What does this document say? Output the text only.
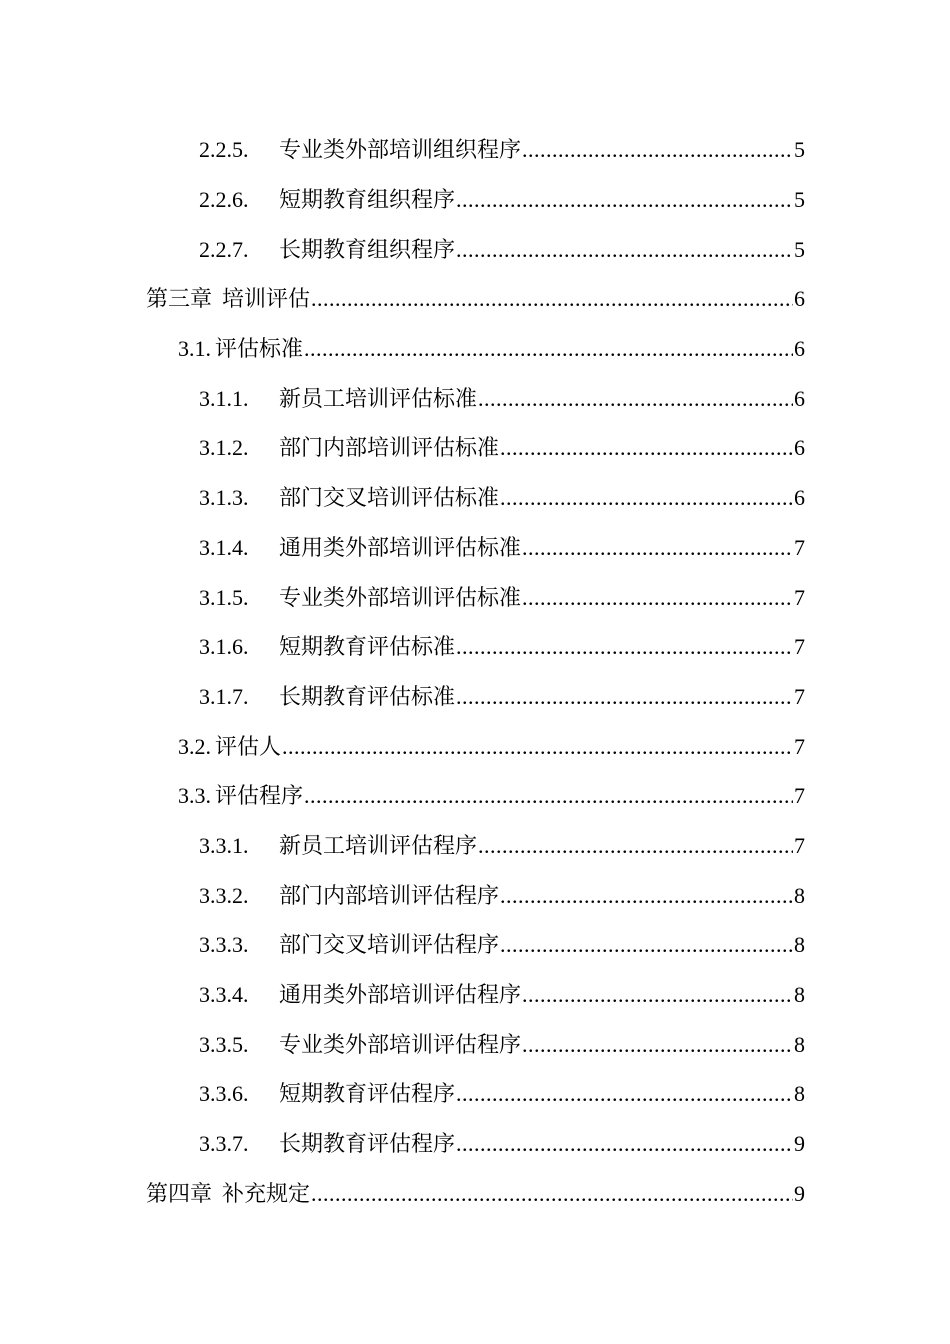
2.2.5.	专业类外部培训组织程序 .....	5
2.2.6.	短期教育组织程序 .....	5
2.2.7.	长期教育组织程序 .....	5
第三章 培训评估 .....	6
3.1. 评估标准 .....	6
3.1.1.	新员工培训评估标准 .....	6
3.1.2.	部门内部培训评估标准 .....	6
3.1.3.	部门交叉培训评估标准 .....	6
3.1.4.	通用类外部培训评估标准 .....	7
3.1.5.	专业类外部培训评估标准 .....	7
3.1.6.	短期教育评估标准 .....	7
3.1.7.	长期教育评估标准 .....	7
3.2. 评估人 .....	7
3.3. 评估程序 .....	7
3.3.1.	新员工培训评估程序 .....	7
3.3.2.	部门内部培训评估程序 .....	8
3.3.3.	部门交叉培训评估程序 .....	8
3.3.4.	通用类外部培训评估程序 .....	8
3.3.5.	专业类外部培训评估程序 .....	8
3.3.6.	短期教育评估程序 .....	8
3.3.7.	长期教育评估程序 .....	9
第四章 补充规定 .....	9
